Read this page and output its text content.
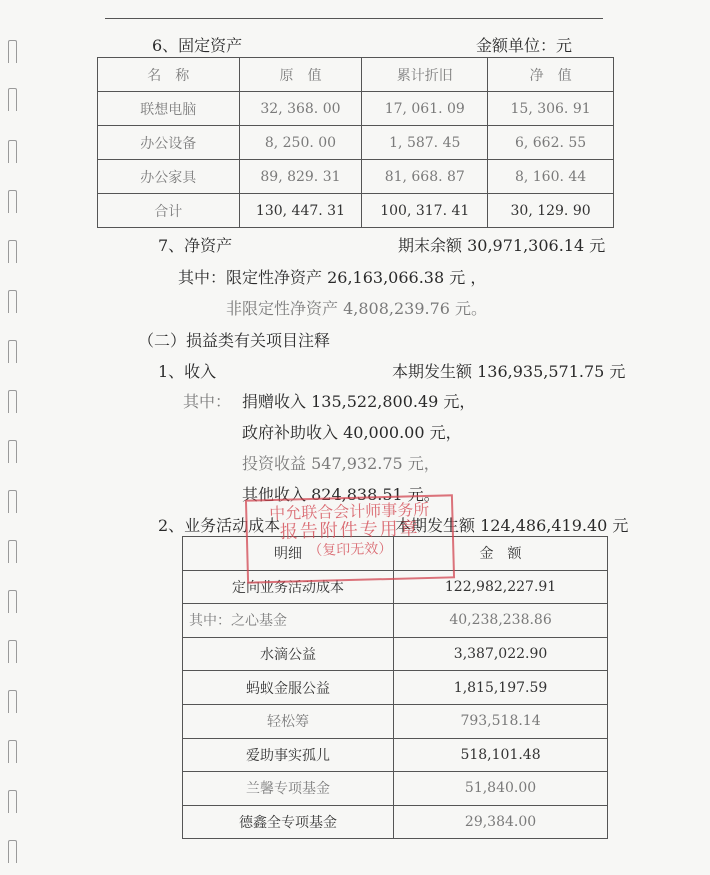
6、固定资产	金额单位：元
名　称	原　值	累计折旧	净　值
联想电脑	32, 368. 00	17, 061. 09	15, 306. 91
办公设备	8, 250. 00	1, 587. 45	6, 662. 55
办公家具	89, 829. 31	81, 668. 87	8, 160. 44
合计	130, 447. 31	100, 317. 41	30, 129. 90
7、净资产	期末余额 30,971,306.14 元
其中：限定性净资产 26,163,066.38 元 ，
非限定性净资产 4,808,239.76 元。
（二）损益类有关项目注释
1、收入	本期发生额 136,935,571.75 元
其中： 捐赠收入 135,522,800.49 元，
政府补助收入 40,000.00 元，
投资收益 547,932.75 元，
其他收入 824,838.51 元。
2、业务活动成本	本期发生额 124,486,419.40 元
明细	金　额
定向业务活动成本	122,982,227.91
其中：之心基金	40,238,238.86
水滴公益	3,387,022.90
蚂蚁金服公益	1,815,197.59
轻松筹	793,518.14
爱助事实孤儿	518,101.48
兰馨专项基金	51,840.00
德鑫全专项基金	29,384.00
中允联合会计师事务所
报告附件专用章
（复印无效）
